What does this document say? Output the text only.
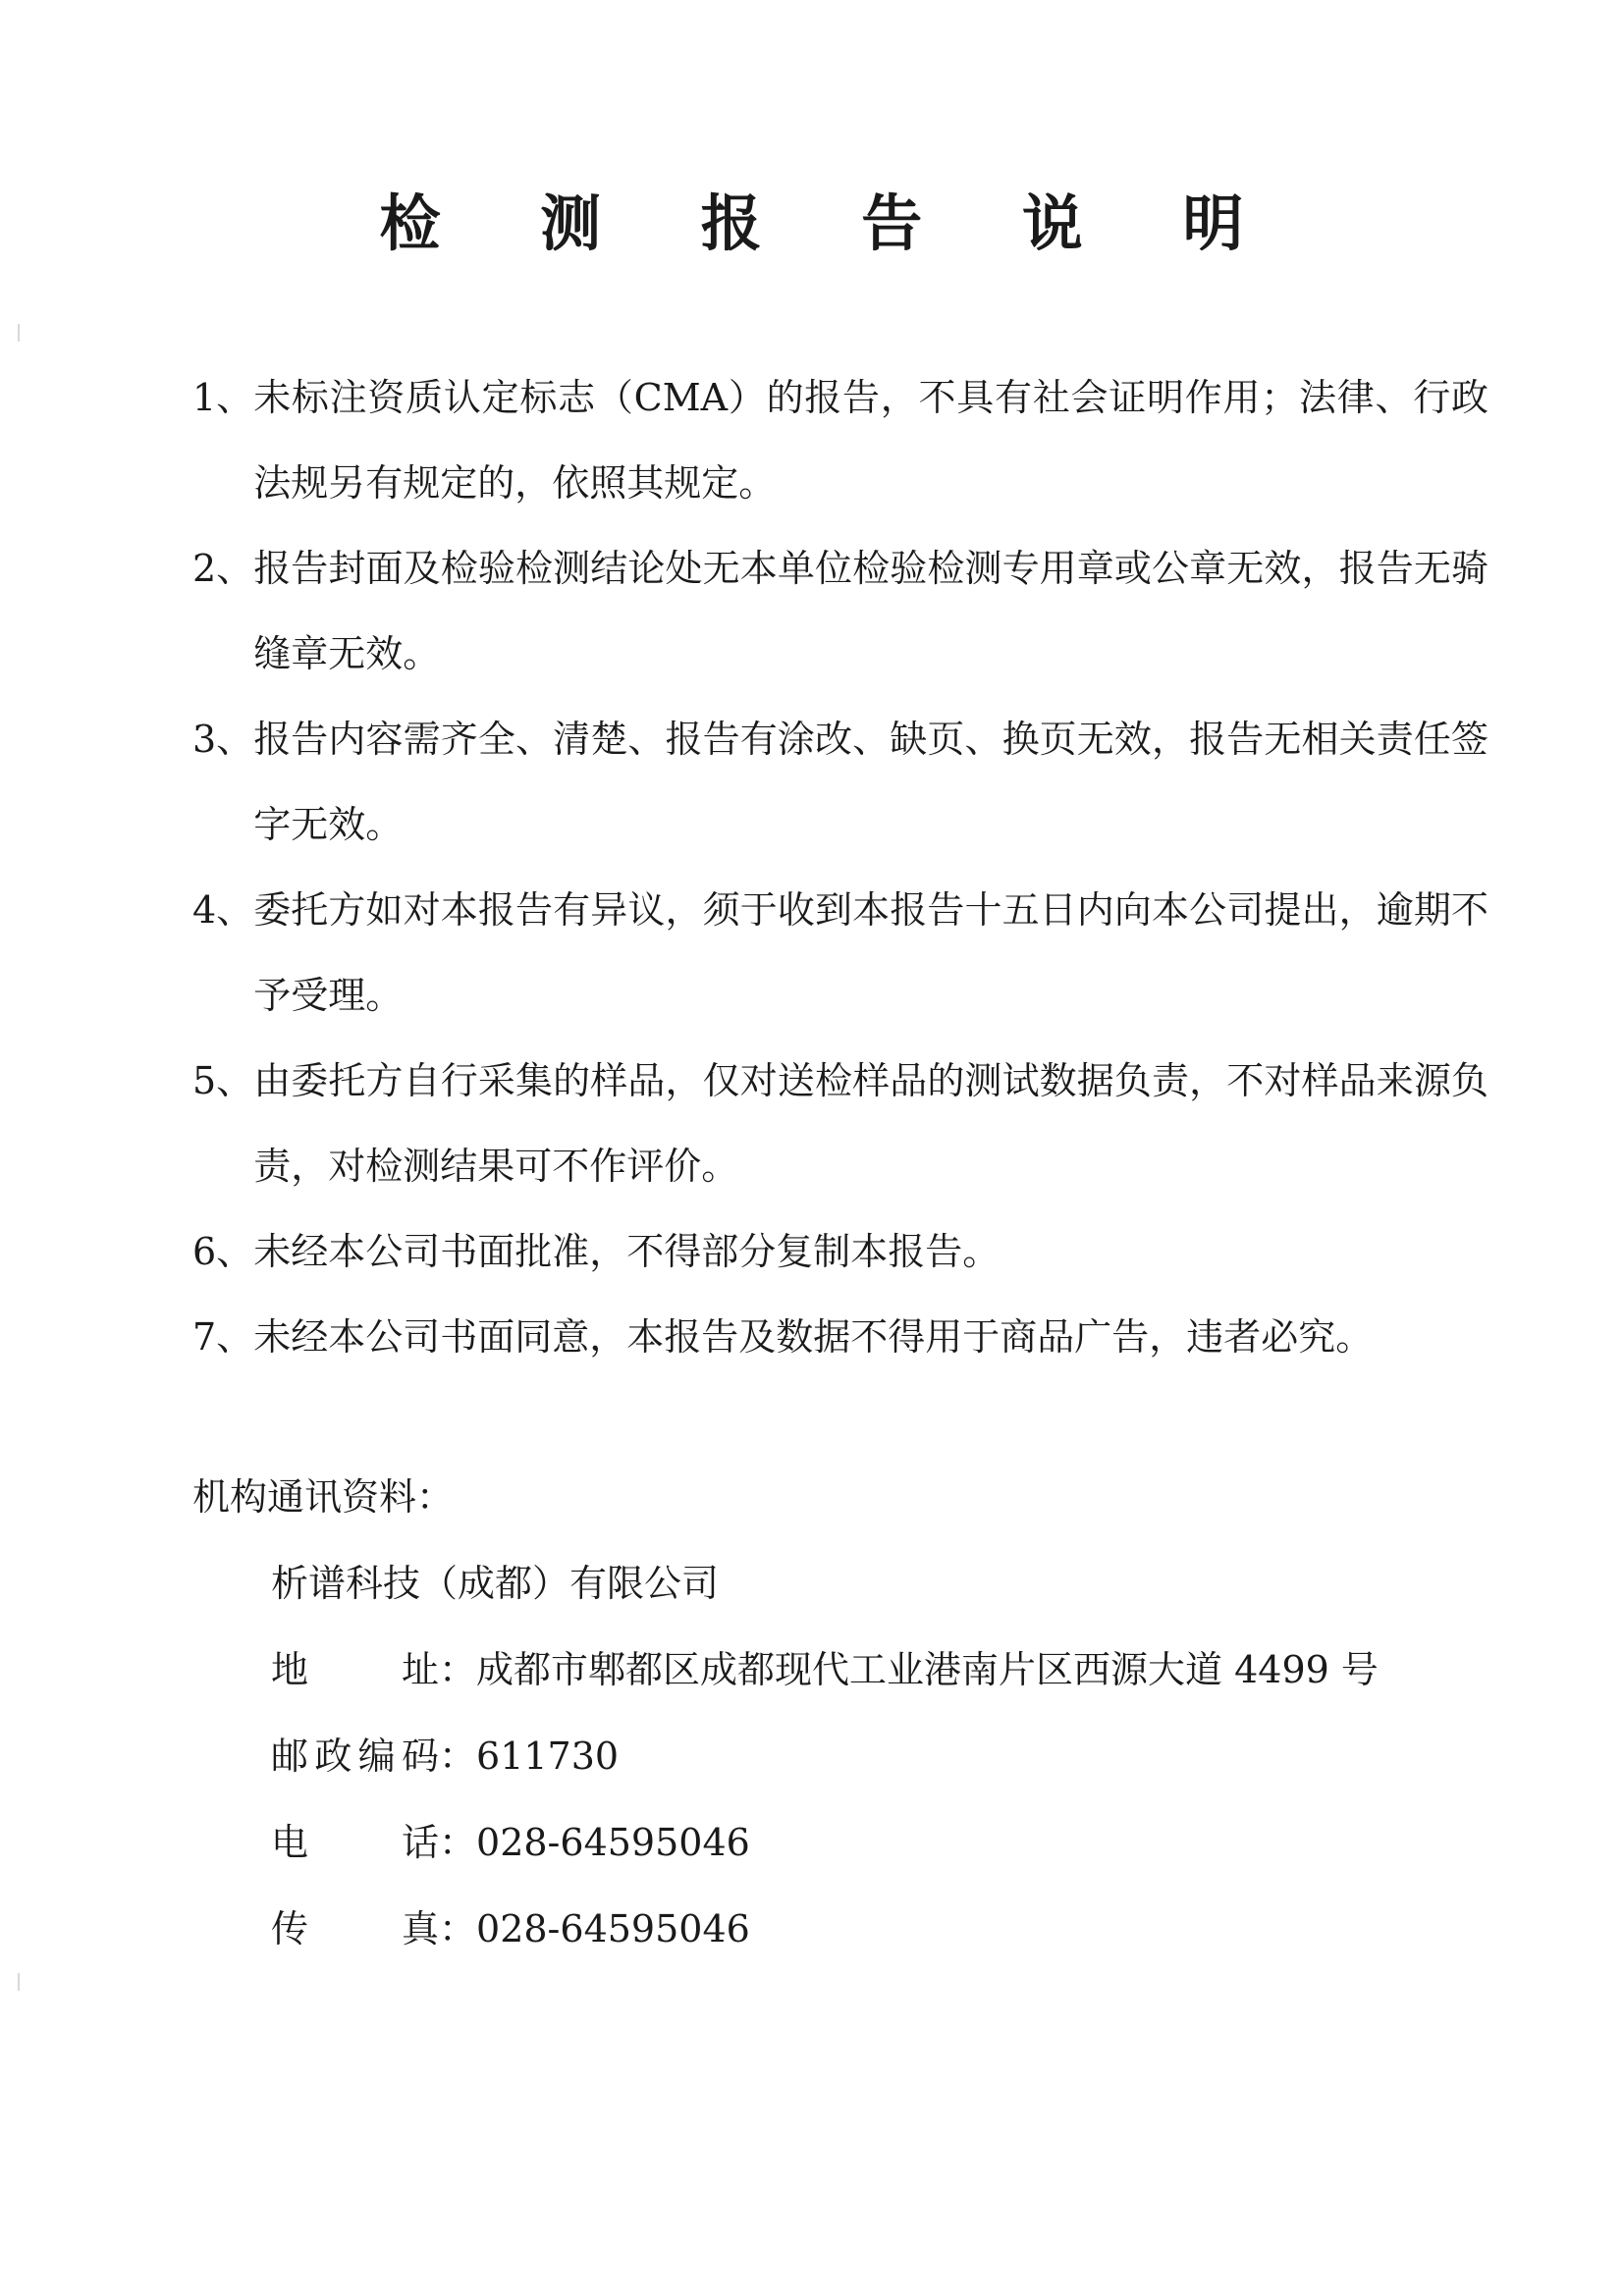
检 测 报 告 说 明
1、 未标注资质认定标志（CMA）的报告，不具有社会证明作用；法律、行政法规另有规定的，依照其规定。
2、 报告封面及检验检测结论处无本单位检验检测专用章或公章无效，报告无骑缝章无效。
3、 报告内容需齐全、清楚、报告有涂改、缺页、换页无效，报告无相关责任签字无效。
4、 委托方如对本报告有异议，须于收到本报告十五日内向本公司提出，逾期不予受理。
5、 由委托方自行采集的样品，仅对送检样品的测试数据负责，不对样品来源负责，对检测结果可不作评价。
6、 未经本公司书面批准，不得部分复制本报告。
7、 未经本公司书面同意，本报告及数据不得用于商品广告，违者必究。
机构通讯资料：
析谱科技（成都）有限公司
地　　址：成都市郫都区成都现代工业港南片区西源大道 4499 号
邮政编码：611730
电　　话：028-64595046
传　　真：028-64595046
